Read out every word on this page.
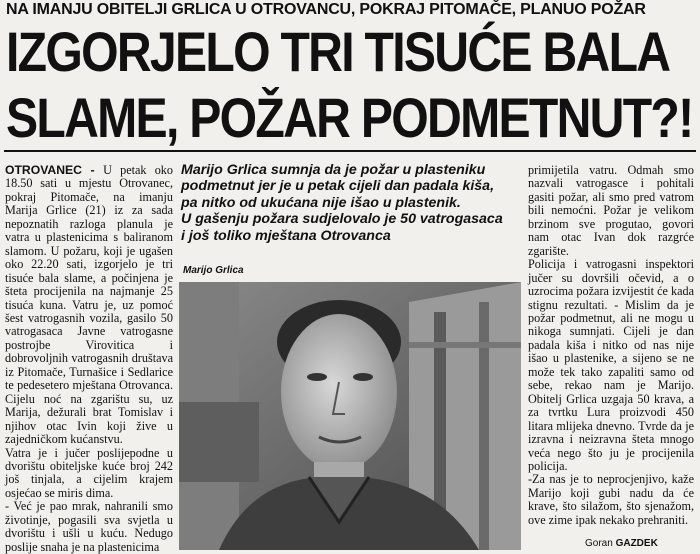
NA IMANJU OBITELJI GRLICA U OTROVANCU, POKRAJ PITOMAČE, PLANUO POŽAR
IZGORJELO TRI TISUĆE BALA
SLAME, POŽAR PODMETNUT?!

OTROVANEC - U petak oko 18.50 sati u mjestu Otrovanec, pokraj Pitomače, na imanju Marija Grlice (21) iz za sada nepoznatih razloga planula je vatra u plastenicima s baliranom slamom. U požaru, koji je ugašen oko 22.20 sati, izgorjelo je tri tisuće bala slame, a počinjena je šteta procijenila na najmanje 25 tisuća kuna. Vatru je, uz pomoć šest vatrogasnih vozila, gasilo 50 vatrogasaca Javne vatrogasne postrojbe Virovitica i dobrovoljnih vatrogasnih društava iz Pitomače, Turnašice i Sedlarice te pedesetero mještana Otrovanca. Cijelu noć na zgarištu su, uz Marija, dežurali brat Tomislav i njihov otac Ivin koji žive u zajedničkom kućanstvu.

Vatra je i jučer poslijepodne u dvorištu obiteljske kuće broj 242 još tinjala, a cijelim krajem osjećao se miris dima.

- Već je pao mrak, nahranili smo životinje, pogasili sva svjetla u dvorištu i ušli u kuću. Nedugo poslije snaha je na plastenicima

Marijo Grlica sumnja da je požar u plasteniku
podmetnut jer je u petak cijeli dan padala kiša,
pa nitko od ukućana nije išao u plastenik.
U gašenju požara sudjelovalo je 50 vatrogasaca
i još toliko mještana Otrovanca
Marijo Grlica

primijetila vatru. Odmah smo nazvali vatrogasce i pohitali gasiti požar, ali smo pred vatrom bili nemoćni. Požar je velikom brzinom sve progutao, govori nam otac Ivan dok razgrće zgarište.

Policija i vatrogasni inspektori jučer su dovršili očevid, a o uzrocima požara izvijestit će kada stignu rezultati. - Mislim da je požar podmetnut, ali ne mogu u nikoga sumnjati. Cijeli je dan padala kiša i nitko od nas nije išao u plastenike, a sijeno se ne može tek tako zapaliti samo od sebe, rekao nam je Marijo. Obitelj Grlica uzgaja 50 krava, a za tvrtku Lura proizvodi 450 litara mlijeka dnevno. Tvrde da je izravna i neizravna šteta mnogo veća nego što ju je procijenila policija.

-Za nas je to neprocjenjivo, kaže Marijo koji gubi nadu da će krave, što silažom, što sjenažom, ove zime ipak nekako prehraniti.

Goran GAZDEK
